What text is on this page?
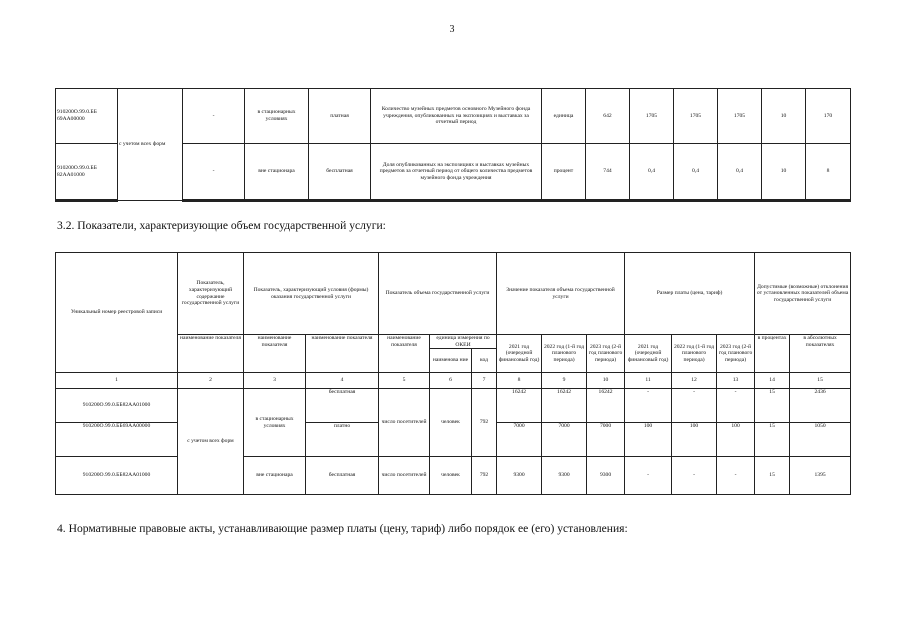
3
910200О.99.0.ББ 69АА00000	с учетом всех форм	-	в стационарных условиях	платная	Количество музейных предметов основного Музейного фонда учреждения, опубликованных на экспозициях и выставках за отчетный период	единица	642	1705	1705	1705	10	170
910200О.99.0.ББ 82АА01000		-	вне стационара	бесплатная	Доля опубликованных на экспозициях и выставках музейных предметов за отчетный период от общего количества предметов музейного фонда учреждения	процент	744	0,4	0,4	0,4	10	8
3.2. Показатели, характеризующие объем государственной услуги:
Уникальный номер реестровой записи	Показатель, характеризующий содержание государственной услуги	Показатель, характеризующий условия (формы) оказания государственной услуги		Показатель объема государственной услуги			Значение показателя объема государственной услуги			Размер платы (цена, тариф)			Допустимые (возможные) отклонения от установленных показателей объема государственной услуги	
	наименование показателя	наименование показателя	наименование показателя	наименование показателя	единица измерения по ОКЕИ		2021 год (очередной финансовый год)	2022 год (1-й год планового периода)	2023 год (2-й год планового периода)	2021 год (очередной финансовый год)	2022 год (1-й год планового периода)	2023 год (2-й год планового периода)	в процентах	в абсолютных показателях
					наименова ние	код								
1	2	3	4	5	6	7	8	9	10	11	12	13	14	15
910200О.99.0.ББ82АА01000	с учетом всех форм	в стационарных условиях	бесплатная	число посетителей	человек	792	16242	16242	16242	-	-	-	15	2436
910200О.99.0.ББ69АА00000			платно				7000	7000	7000	100	100	100	15	1050
910200О.99.0.ББ82АА01000		вне стационара	бесплатная	число посетителей	человек	792	9300	9300	9300	-	-	-	15	1395
4. Нормативные правовые акты, устанавливающие размер платы (цену, тариф) либо порядок ее (его) установления:
